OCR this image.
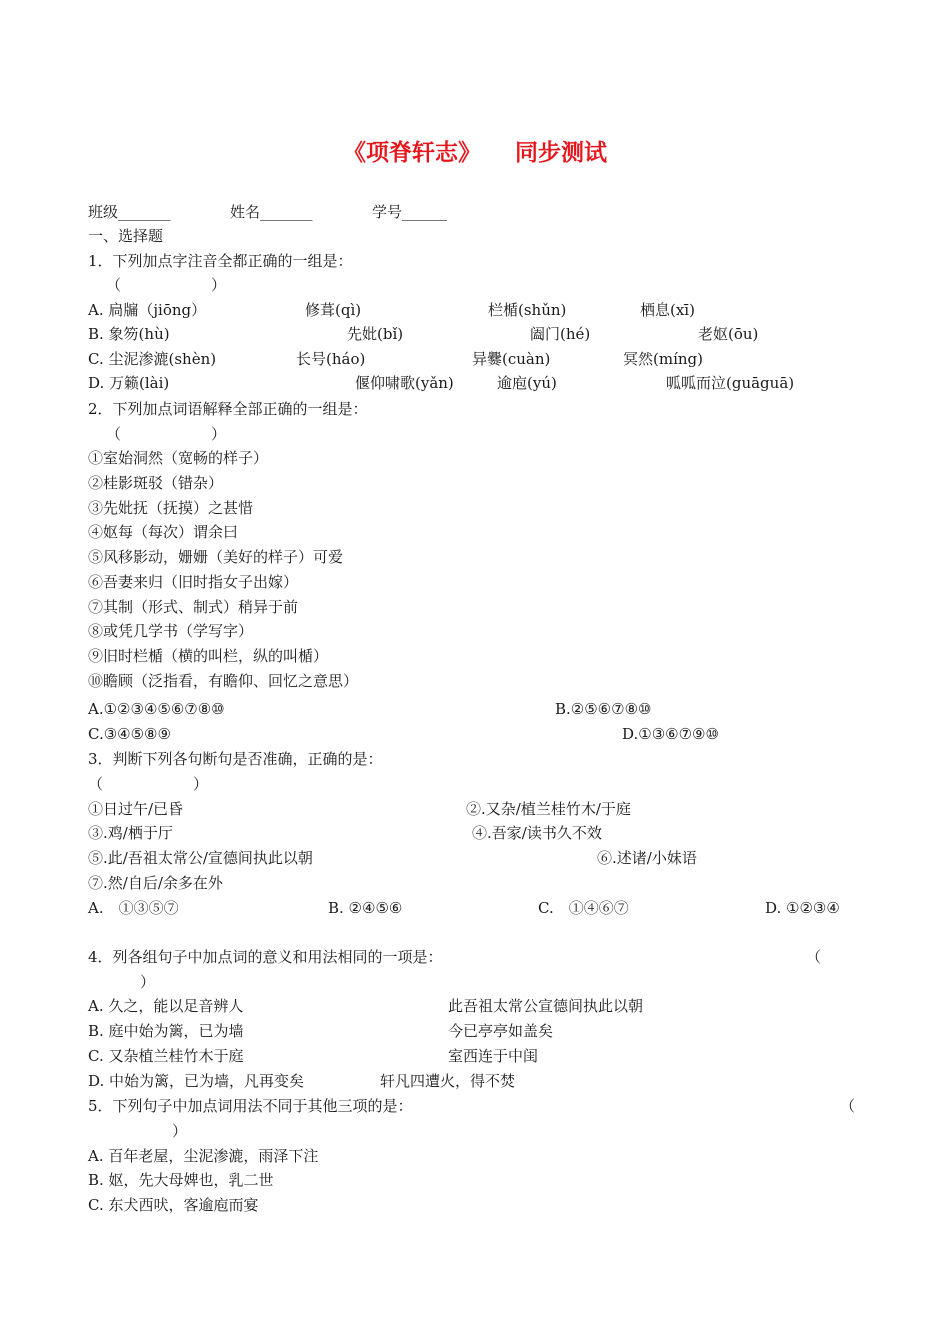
《项脊轩志》 同步测试
班级_______	姓名_______	学号______
一、选择题
1．下列加点字注音全都正确的一组是：
（　　　　　　）
A. 扃牖（jiōng）	修葺(qì)	栏楯(shǔn)	栖息(xī)
B. 象笏(hù)	先妣(bǐ)	阖门(hé)	老妪(ōu)
C. 尘泥渗漉(shèn)	长号(háo)	异爨(cuàn)	冥然(míng)
D. 万籁(lài)	偃仰啸歌(yǎn)	逾庖(yú)	呱呱而泣(guāguā)
2．下列加点词语解释全部正确的一组是：
（　　　　　　）
①室始洞然（宽畅的样子）
②桂影斑驳（错杂）
③先妣抚（抚摸）之甚惜
④妪每（每次）谓余曰
⑤风移影动，姗姗（美好的样子）可爱
⑥吾妻来归（旧时指女子出嫁）
⑦其制（形式、制式）稍异于前
⑧或凭几学书（学写字）
⑨旧时栏楯（横的叫栏，纵的叫楯）
⑩瞻顾（泛指看，有瞻仰、回忆之意思）
A.①②③④⑤⑥⑦⑧⑩	B.②⑤⑥⑦⑧⑩
C.③④⑤⑧⑨	D.①③⑥⑦⑨⑩
3．判断下列各句断句是否准确，正确的是：
（　　　　　　）
①日过午/已昏	②.又杂/植兰桂竹木/于庭
③.鸡/栖于厅	④.吾家/读书久不效
⑤.此/吾祖太常公/宣德间执此以朝	⑥.述诸/小妹语
⑦.然/自后/余多在外
A.　①③⑤⑦	B. ②④⑤⑥	C.　①④⑥⑦	D. ①②③④
4．列各组句子中加点词的意义和用法相同的一项是：	（
）
A. 久之，能以足音辨人	此吾祖太常公宣德间执此以朝
B. 庭中始为篱，已为墙	今已亭亭如盖矣
C. 又杂植兰桂竹木于庭	室西连于中闺
D. 中始为篱，已为墙，凡再变矣	轩凡四遭火，得不焚
5．下列句子中加点词用法不同于其他三项的是：	（
）
A. 百年老屋，尘泥渗漉，雨泽下注
B. 妪，先大母婢也，乳二世
C. 东犬西吠，客逾庖而宴
